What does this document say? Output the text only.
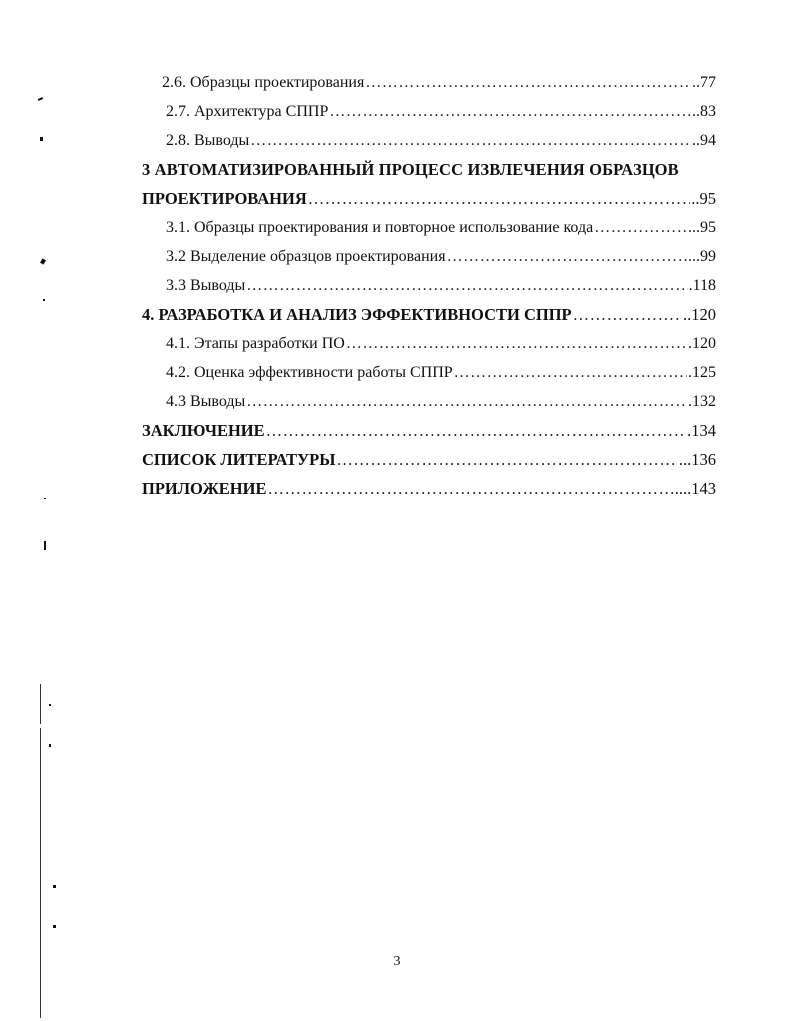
2.6. Образцы проектирования ………………………………………………………………………………………………………………………………………………………………	..77
2.7. Архитектура СППР ………………………………………………………………………………………………………………………………………………………………	..83
2.8. Выводы ………………………………………………………………………………………………………………………………………………………………	..94
3 АВТОМАТИЗИРОВАННЫЙ ПРОЦЕСС ИЗВЛЕЧЕНИЯ ОБРАЗЦОВ
ПРОЕКТИРОВАНИЯ ………………………………………………………………………………………………………………………………………………………………	..95
3.1. Образцы проектирования и повторное использование кода ………………………………………………………………………………………………………………………………………………………………	...95
3.2 Выделение образцов проектирования ………………………………………………………………………………………………………………………………………………………………	...99
3.3 Выводы ………………………………………………………………………………………………………………………………………………………………	.118
4. РАЗРАБОТКА И АНАЛИЗ ЭФФЕКТИВНОСТИ СППР ………………………………………………………………………………………………………………………………………………………………	..120
4.1. Этапы разработки ПО ………………………………………………………………………………………………………………………………………………………………	.120
4.2. Оценка эффективности работы СППР ………………………………………………………………………………………………………………………………………………………………	.125
4.3 Выводы ………………………………………………………………………………………………………………………………………………………………	.132
ЗАКЛЮЧЕНИЕ ………………………………………………………………………………………………………………………………………………………………	.134
СПИСОК ЛИТЕРАТУРЫ ………………………………………………………………………………………………………………………………………………………………	...136
ПРИЛОЖЕНИЕ ………………………………………………………………………………………………………………………………………………………………	....143
3
